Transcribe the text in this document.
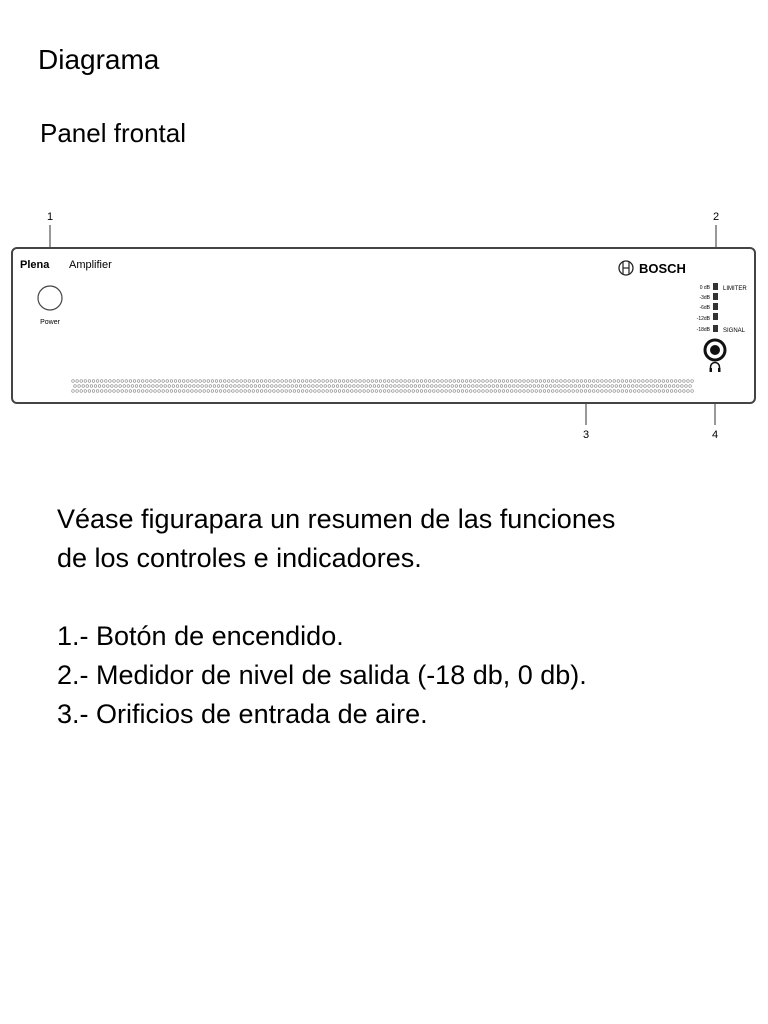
Diagrama
Panel frontal
1	2
3	4
Plena Amplifier
Power
BOSCH
0 dB
-3dB
-6dB
-12dB
-18dB
LIMITER
SIGNAL

Véase figurapara un resumen de las funciones

de los controles e indicadores.

1.- Botón de encendido.

2.- Medidor de nivel de salida (-18 db, 0 db).

3.- Orificios de entrada de aire.
